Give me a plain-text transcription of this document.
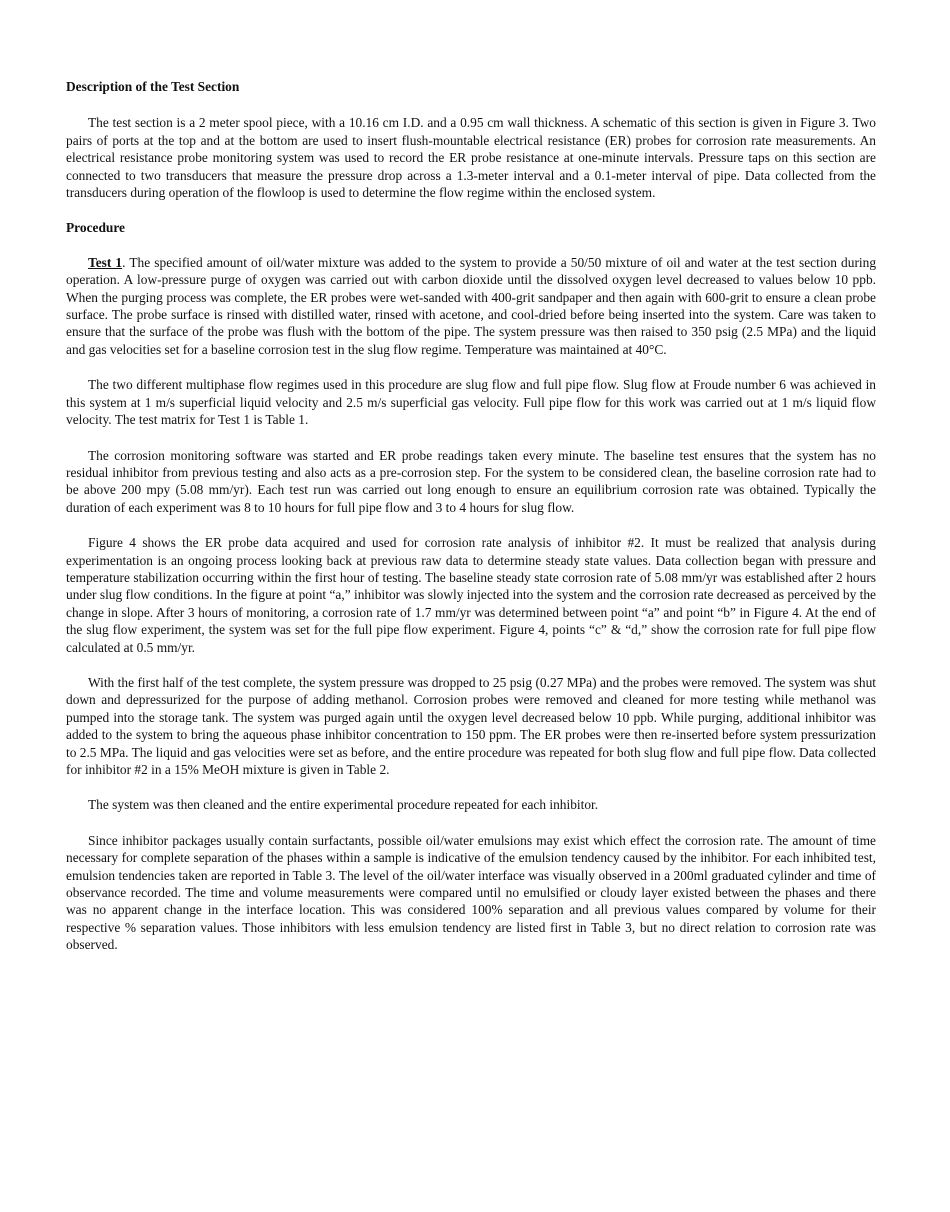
Description of the Test Section

The test section is a 2 meter spool piece, with a 10.16 cm I.D. and a 0.95 cm wall thickness. A schematic of this section is given in Figure 3. Two pairs of ports at the top and at the bottom are used to insert flush-mountable electrical resistance (ER) probes for corrosion rate measurements. An electrical resistance probe monitoring system was used to record the ER probe resistance at one-minute intervals. Pressure taps on this section are connected to two transducers that measure the pressure drop across a 1.3-meter interval and a 0.1-meter interval of pipe. Data collected from the transducers during operation of the flowloop is used to determine the flow regime within the enclosed system.

Procedure

Test 1. The specified amount of oil/water mixture was added to the system to provide a 50/50 mixture of oil and water at the test section during operation. A low-pressure purge of oxygen was carried out with carbon dioxide until the dissolved oxygen level decreased to values below 10 ppb. When the purging process was complete, the ER probes were wet-sanded with 400-grit sandpaper and then again with 600-grit to ensure a clean probe surface. The probe surface is rinsed with distilled water, rinsed with acetone, and cool-dried before being inserted into the system. Care was taken to ensure that the surface of the probe was flush with the bottom of the pipe. The system pressure was then raised to 350 psig (2.5 MPa) and the liquid and gas velocities set for a baseline corrosion test in the slug flow regime. Temperature was maintained at 40°C.

The two different multiphase flow regimes used in this procedure are slug flow and full pipe flow. Slug flow at Froude number 6 was achieved in this system at 1 m/s superficial liquid velocity and 2.5 m/s superficial gas velocity. Full pipe flow for this work was carried out at 1 m/s liquid flow velocity. The test matrix for Test 1 is Table 1.

The corrosion monitoring software was started and ER probe readings taken every minute. The baseline test ensures that the system has no residual inhibitor from previous testing and also acts as a pre-corrosion step. For the system to be considered clean, the baseline corrosion rate had to be above 200 mpy (5.08 mm/yr). Each test run was carried out long enough to ensure an equilibrium corrosion rate was obtained. Typically the duration of each experiment was 8 to 10 hours for full pipe flow and 3 to 4 hours for slug flow.

Figure 4 shows the ER probe data acquired and used for corrosion rate analysis of inhibitor #2. It must be realized that analysis during experimentation is an ongoing process looking back at previous raw data to determine steady state values. Data collection began with pressure and temperature stabilization occurring within the first hour of testing. The baseline steady state corrosion rate of 5.08 mm/yr was established after 2 hours under slug flow conditions. In the figure at point “a,” inhibitor was slowly injected into the system and the corrosion rate decreased as perceived by the change in slope. After 3 hours of monitoring, a corrosion rate of 1.7 mm/yr was determined between point “a” and point “b” in Figure 4. At the end of the slug flow experiment, the system was set for the full pipe flow experiment. Figure 4, points “c” & “d,” show the corrosion rate for full pipe flow calculated at 0.5 mm/yr.

With the first half of the test complete, the system pressure was dropped to 25 psig (0.27 MPa) and the probes were removed. The system was shut down and depressurized for the purpose of adding methanol. Corrosion probes were removed and cleaned for more testing while methanol was pumped into the storage tank. The system was purged again until the oxygen level decreased below 10 ppb. While purging, additional inhibitor was added to the system to bring the aqueous phase inhibitor concentration to 150 ppm. The ER probes were then re-inserted before system pressurization to 2.5 MPa. The liquid and gas velocities were set as before, and the entire procedure was repeated for both slug flow and full pipe flow. Data collected for inhibitor #2 in a 15% MeOH mixture is given in Table 2.

The system was then cleaned and the entire experimental procedure repeated for each inhibitor.

Since inhibitor packages usually contain surfactants, possible oil/water emulsions may exist which effect the corrosion rate. The amount of time necessary for complete separation of the phases within a sample is indicative of the emulsion tendency caused by the inhibitor. For each inhibited test, emulsion tendencies taken are reported in Table 3. The level of the oil/water interface was visually observed in a 200ml graduated cylinder and time of observance recorded. The time and volume measurements were compared until no emulsified or cloudy layer existed between the phases and there was no apparent change in the interface location. This was considered 100% separation and all previous values compared by volume for their respective % separation values. Those inhibitors with less emulsion tendency are listed first in Table 3, but no direct relation to corrosion rate was observed.
